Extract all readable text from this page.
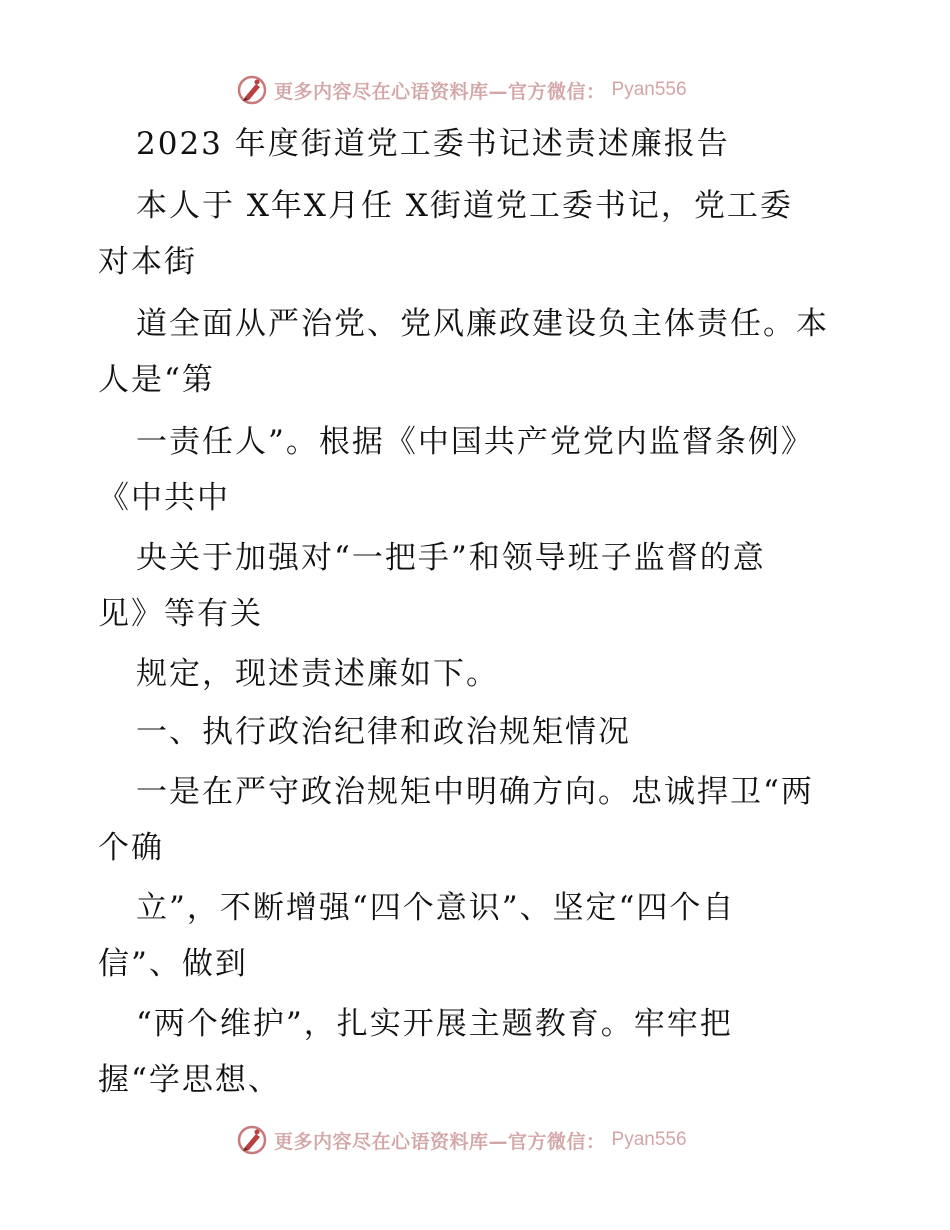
更多内容尽在心语资料库—官方微信： Pyan556
2023 年度街道党工委书记述责述廉报告
本人于 X年X月任 X街道党工委书记，党工委
对本街
道全面从严治党、党风廉政建设负主体责任。本
人是“第
一责任人”。根据《中国共产党党内监督条例》
《中共中
央关于加强对“一把手”和领导班子监督的意
见》等有关
规定，现述责述廉如下。
一、执行政治纪律和政治规矩情况
一是在严守政治规矩中明确方向。忠诚捍卫“两
个确
立”，不断增强“四个意识”、坚定“四个自
信”、做到
“两个维护”，扎实开展主题教育。牢牢把
握“学思想、
更多内容尽在心语资料库—官方微信： Pyan556
